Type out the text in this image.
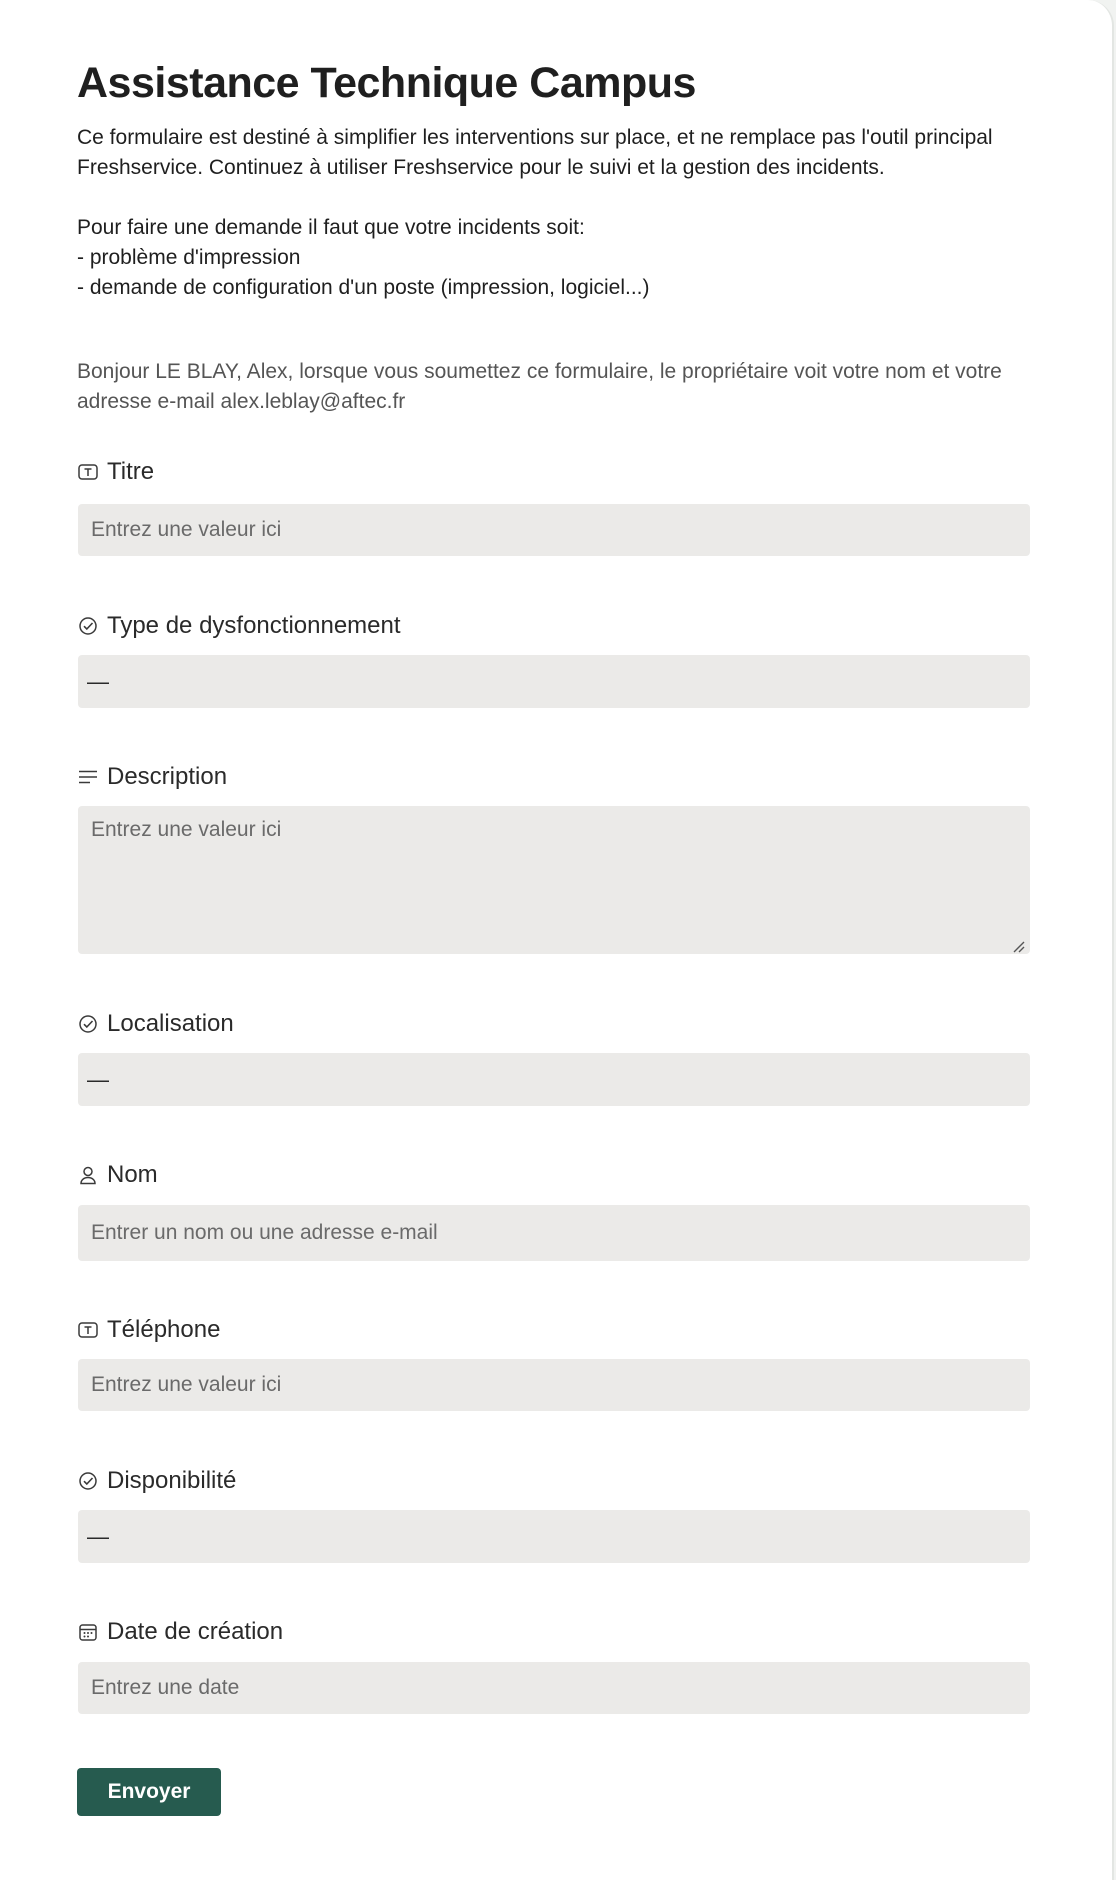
Assistance Technique Campus

Ce formulaire est destiné à simplifier les interventions sur place, et ne remplace pas l'outil principal Freshservice. Continuez à utiliser Freshservice pour le suivi et la gestion des incidents.

Pour faire une demande il faut que votre incidents soit:

- problème d'impression

- demande de configuration d'un poste (impression, logiciel...)

Bonjour LE BLAY, Alex, lorsque vous soumettez ce formulaire, le propriétaire voit votre nom et votre adresse e-mail alex.leblay@aftec.fr
Titre
Entrez une valeur ici
Type de dysfonctionnement
—
Description
Entrez une valeur ici
Localisation
—
Nom
Entrer un nom ou une adresse e-mail
Téléphone
Entrez une valeur ici
Disponibilité
—
Date de création
Entrez une date
Envoyer
